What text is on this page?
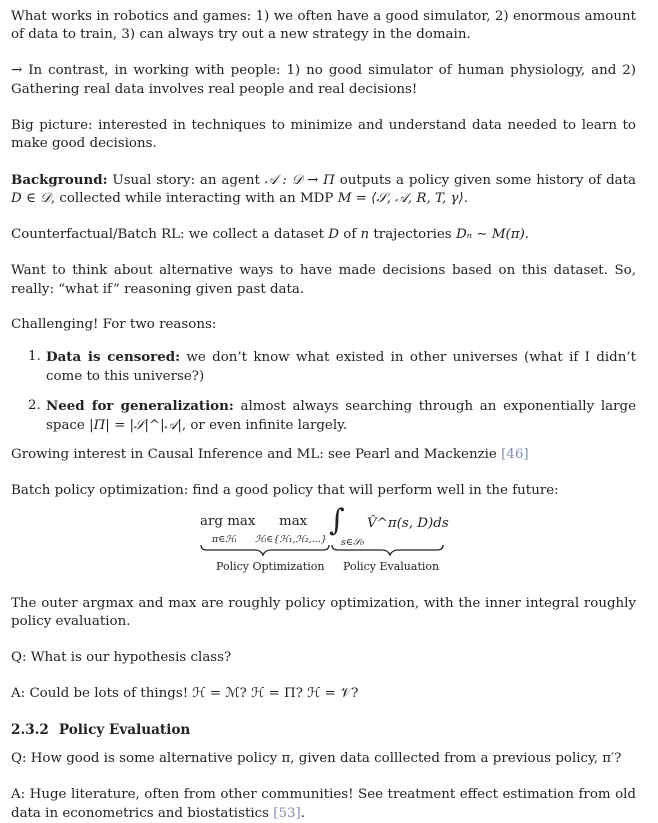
What works in robotics and games: 1) we often have a good simulator, 2) enormous amount of data to train, 3) can always try out a new strategy in the domain.

→ In contrast, in working with people: 1) no good simulator of human physiology, and 2) Gathering real data involves real people and real decisions!

Big picture: interested in techniques to minimize and understand data needed to learn to make good decisions.

Background: Usual story: an agent 𝒜 : 𝒟 → Π outputs a policy given some history of data D ∈ 𝒟, collected while interacting with an MDP M = ⟨𝒮, 𝒜, R, T, γ⟩.

Counterfactual/Batch RL: we collect a dataset D of n trajectories Dₙ ∼ M(π).

Want to think about alternative ways to have made decisions based on this dataset. So, really: “what if” reasoning given past data.

Challenging! For two reasons:

1. Data is censored: we don’t know what existed in other universes (what if I didn’t come to this universe?)
2. Need for generalization: almost always searching through an exponentially large space |Π| = |𝒮|^|𝒜|, or even infinite largely.

Growing interest in Causal Inference and ML: see Pearl and Mackenzie [46]

Batch policy optimization: find a good policy that will perform well in the future:

arg max
π∈ℋᵢ
max
ℋᵢ∈{ℋ₁,ℋ₂,...}
∫
s∈𝒮₀
V̂^π(s, D)ds
Policy Optimization Policy Evaluation

The outer argmax and max are roughly policy optimization, with the inner integral roughly policy evaluation.

Q: What is our hypothesis class?

A: Could be lots of things! ℋ = ℳ? ℋ = Π? ℋ = 𝒱?

2.3.2 Policy Evaluation

Q: How good is some alternative policy π, given data colllected from a previous policy, π′?

A: Huge literature, often from other communities! See treatment effect estimation from old data in econometrics and biostatistics [53].
